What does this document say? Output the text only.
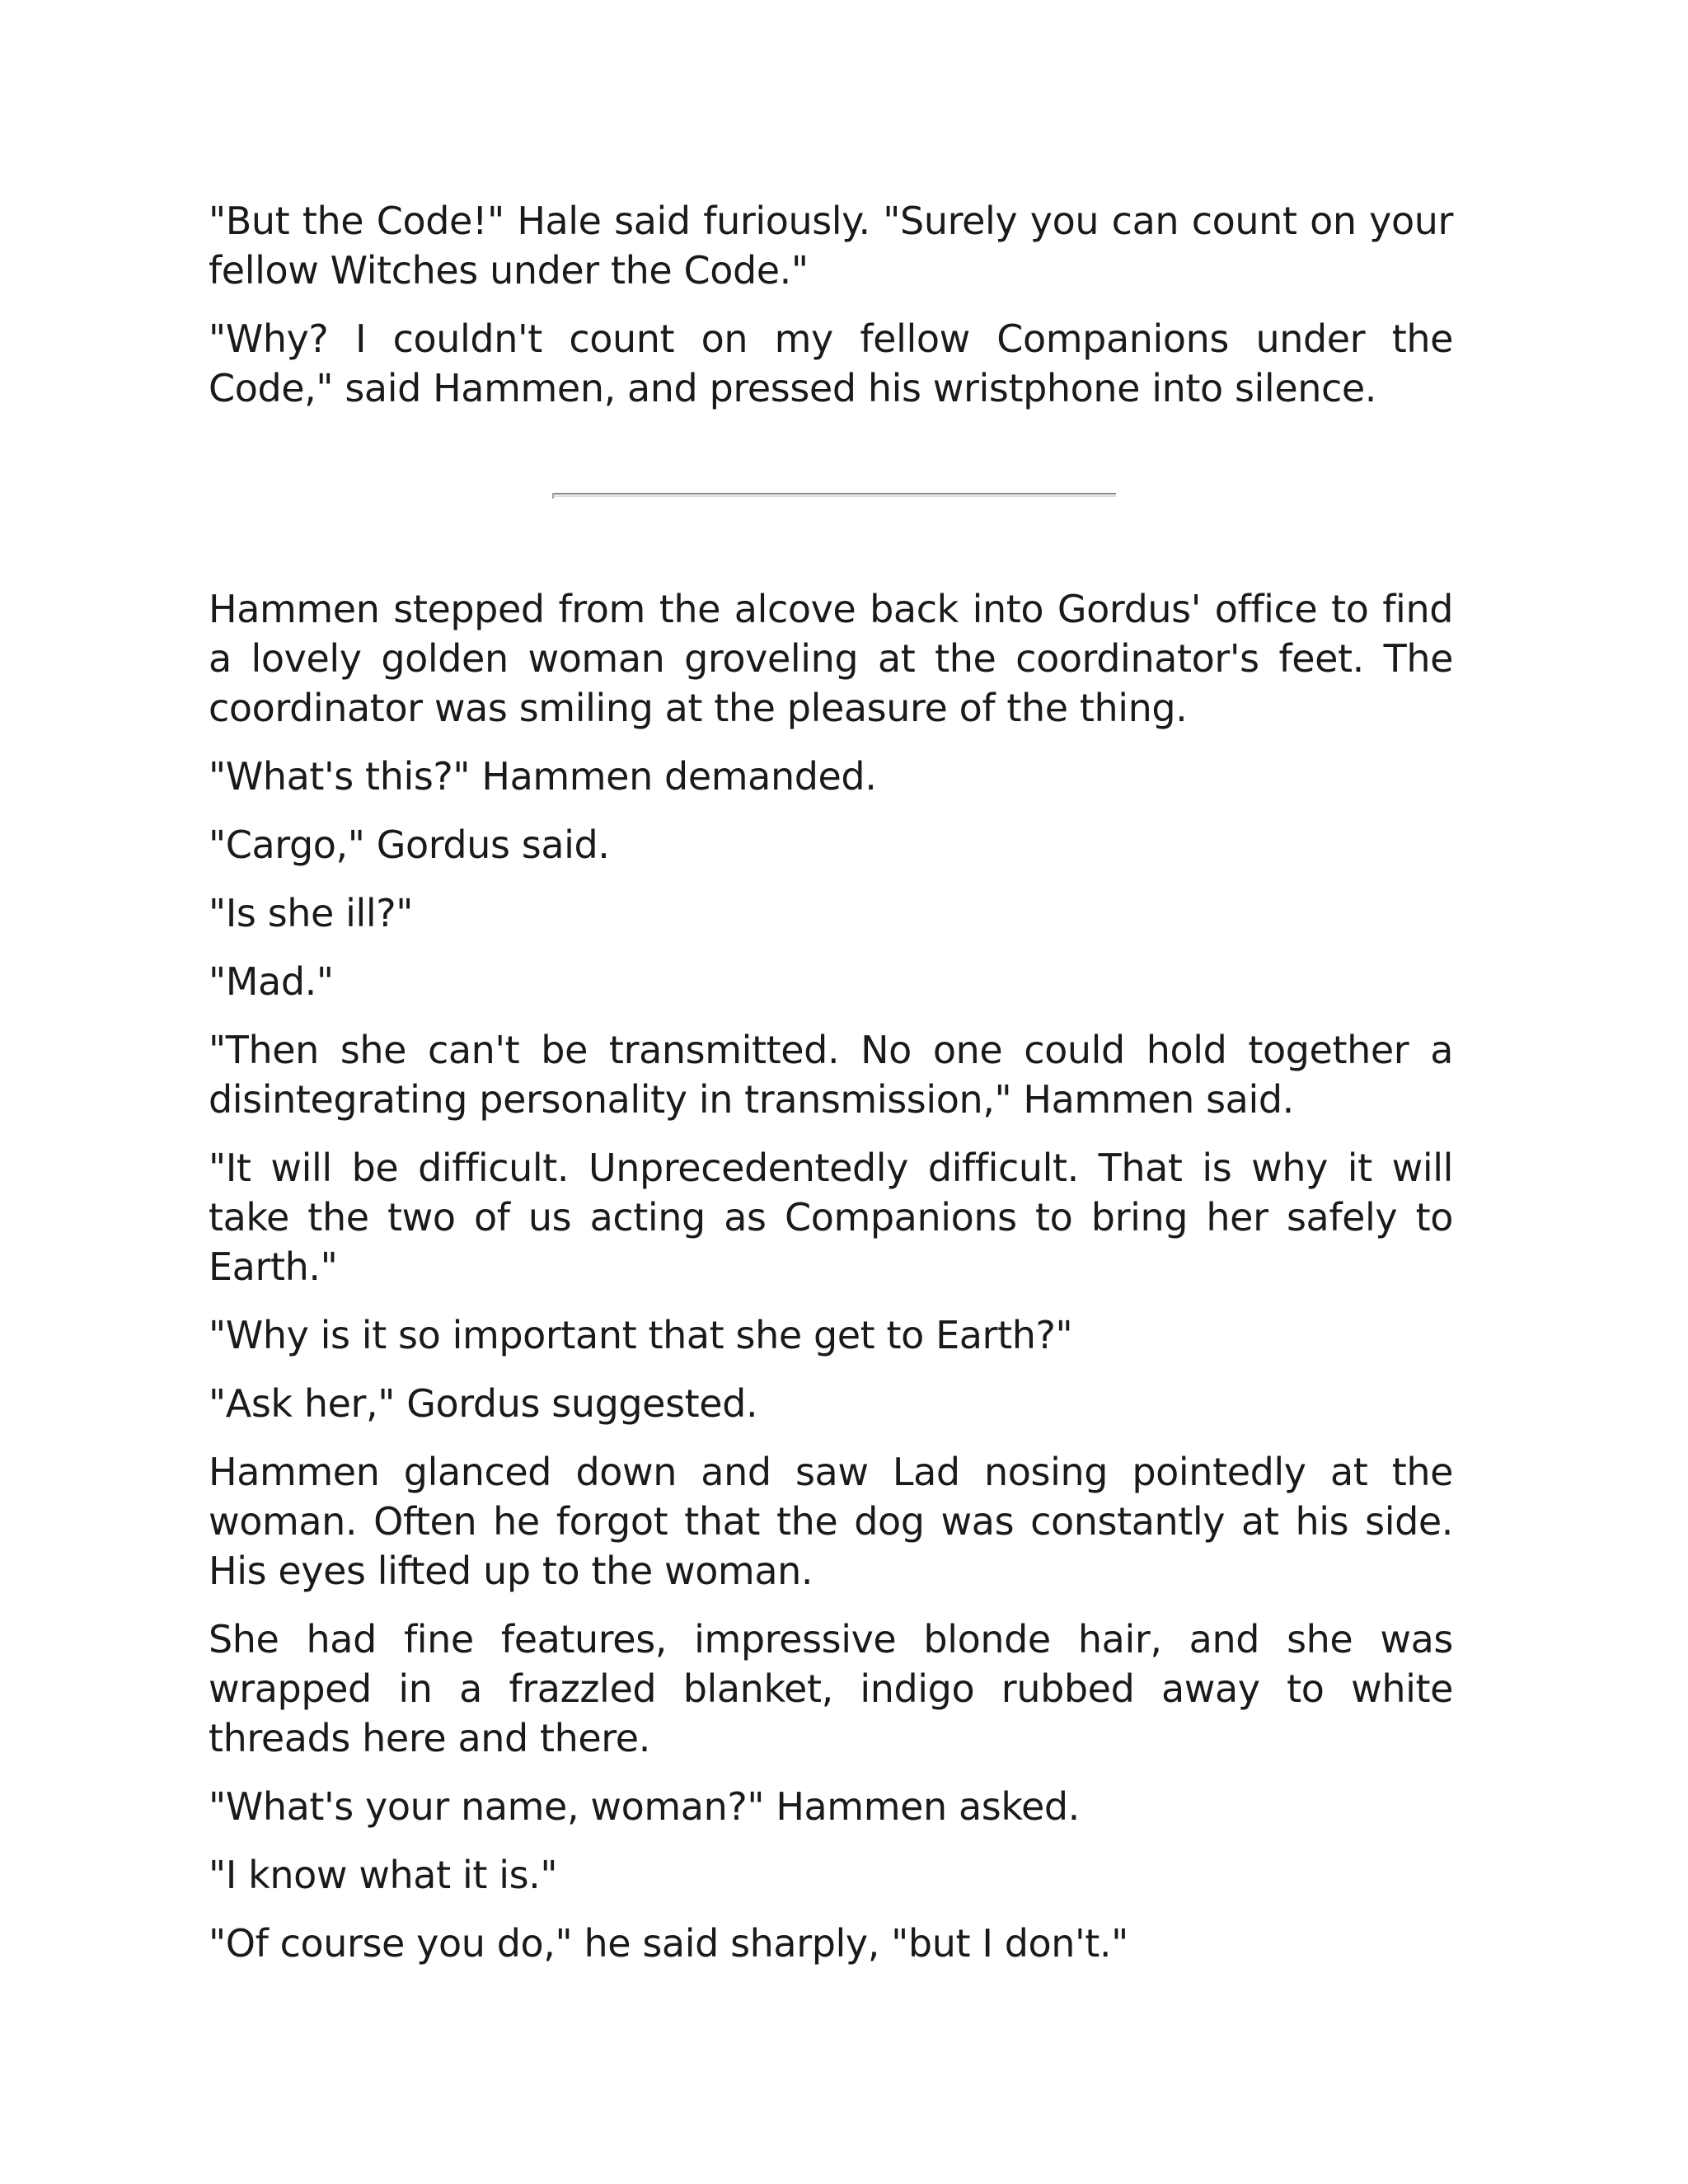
"But the Code!" Hale said furiously. "Surely you can count on your fellow Witches under the Code."

"Why? I couldn't count on my fellow Companions under the Code," said Hammen, and pressed his wristphone into silence.

Hammen stepped from the alcove back into Gordus' office to find a lovely golden woman groveling at the coordinator's feet. The coordinator was smiling at the pleasure of the thing.

"What's this?" Hammen demanded.

"Cargo," Gordus said.

"Is she ill?"

"Mad."

"Then she can't be transmitted. No one could hold together a disintegrating personality in transmission," Hammen said.

"It will be difficult. Unprecedentedly difficult. That is why it will take the two of us acting as Companions to bring her safely to Earth."

"Why is it so important that she get to Earth?"

"Ask her," Gordus suggested.

Hammen glanced down and saw Lad nosing pointedly at the woman. Often he forgot that the dog was constantly at his side. His eyes lifted up to the woman.

She had fine features, impressive blonde hair, and she was wrapped in a frazzled blanket, indigo rubbed away to white threads here and there.

"What's your name, woman?" Hammen asked.

"I know what it is."

"Of course you do," he said sharply, "but I don't."
